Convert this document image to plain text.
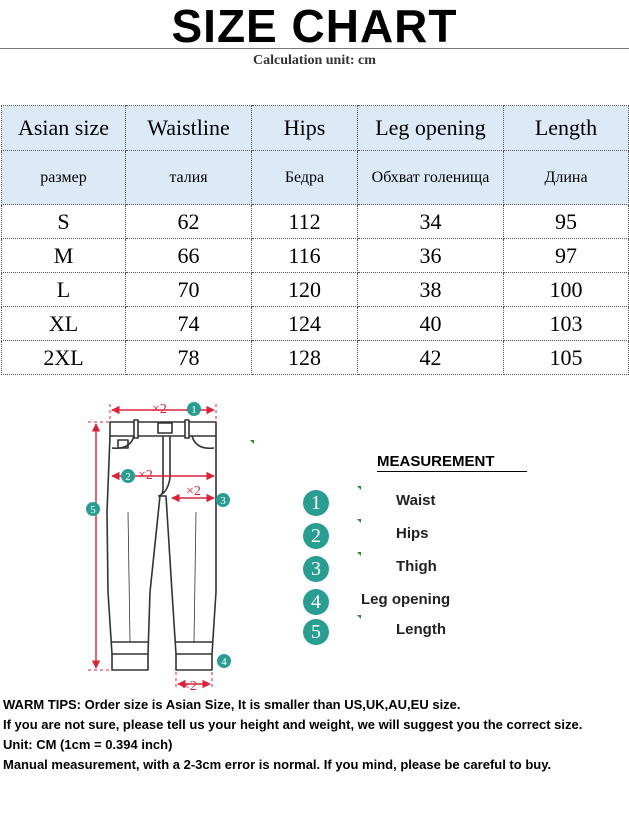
SIZE CHART
Calculation unit: cm
Asian size	Waistline	Hips	Leg opening	Length
размер	талия	Бедра	Обхват голенища	Длина
S	62	112	34	95
M	66	116	36	97
L	70	120	38	100
XL	74	124	40	103
2XL	78	128	42	105
×2
×2
×2
×2
1
2
3
4
5
MEASUREMENT
1	Waist
2	Hips
3	Thigh
4	Leg opening
5	Length

WARM TIPS: Order size is Asian Size, It is smaller than US,UK,AU,EU size.

If you are not sure, please tell us your height and weight, we will suggest you the correct size.

Unit: CM (1cm = 0.394 inch)

Manual measurement, with a 2-3cm error is normal. If you mind, please be careful to buy.
